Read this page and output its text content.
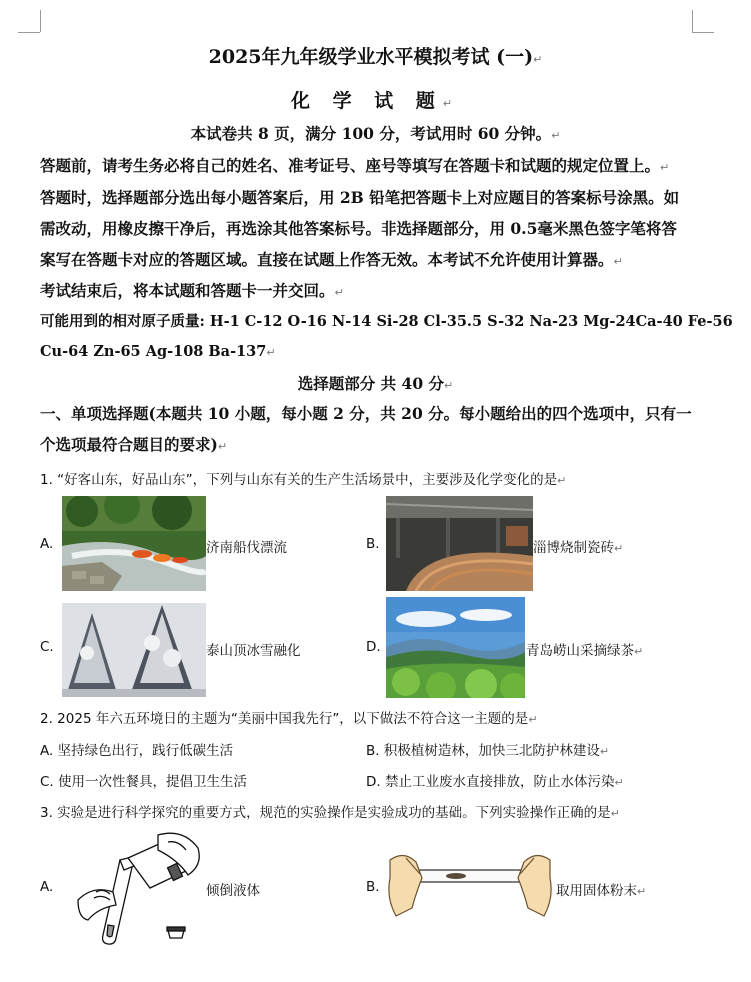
2025年九年级学业水平模拟考试 (一)↵
化 学 试 题↵
本试卷共 8 页，满分 100 分，考试用时 60 分钟。↵
答题前，请考生务必将自己的姓名、准考证号、座号等填写在答题卡和试题的规定位置上。↵
答题时，选择题部分选出每小题答案后，用 2B 铅笔把答题卡上对应题目的答案标号涂黑。如
需改动，用橡皮擦干净后，再选涂其他答案标号。非选择题部分，用 0.5毫米黑色签字笔将答
案写在答题卡对应的答题区域。直接在试题上作答无效。本考试不允许使用计算器。↵
考试结束后，将本试题和答题卡一并交回。↵
可能用到的相对原子质量: H-1 C-12 O-16 N-14 Si-28 Cl-35.5 S-32 Na-23 Mg-24Ca-40 Fe-56
Cu-64 Zn-65 Ag-108 Ba-137↵
选择题部分 共 40 分↵
一、单项选择题(本题共 10 小题，每小题 2 分，共 20 分。每小题给出的四个选项中，只有一
个选项最符合题目的要求)↵
1. “好客山东，好品山东”，下列与山东有关的生产生活场景中，主要涉及化学变化的是↵
A.	济南船伐漂流	B.	淄博烧制瓷砖↵
C.	泰山顶冰雪融化	D.	青岛崂山采摘绿茶↵
2. 2025 年六五环境日的主题为“美丽中国我先行”，以下做法不符合这一主题的是↵
A. 坚持绿色出行，践行低碳生活	B. 积极植树造林，加快三北防护林建设↵
C. 使用一次性餐具，提倡卫生生活	D. 禁止工业废水直接排放，防止水体污染↵
3. 实验是进行科学探究的重要方式，规范的实验操作是实验成功的基础。下列实验操作正确的是↵
A.	倾倒液体	B.	取用固体粉末↵
